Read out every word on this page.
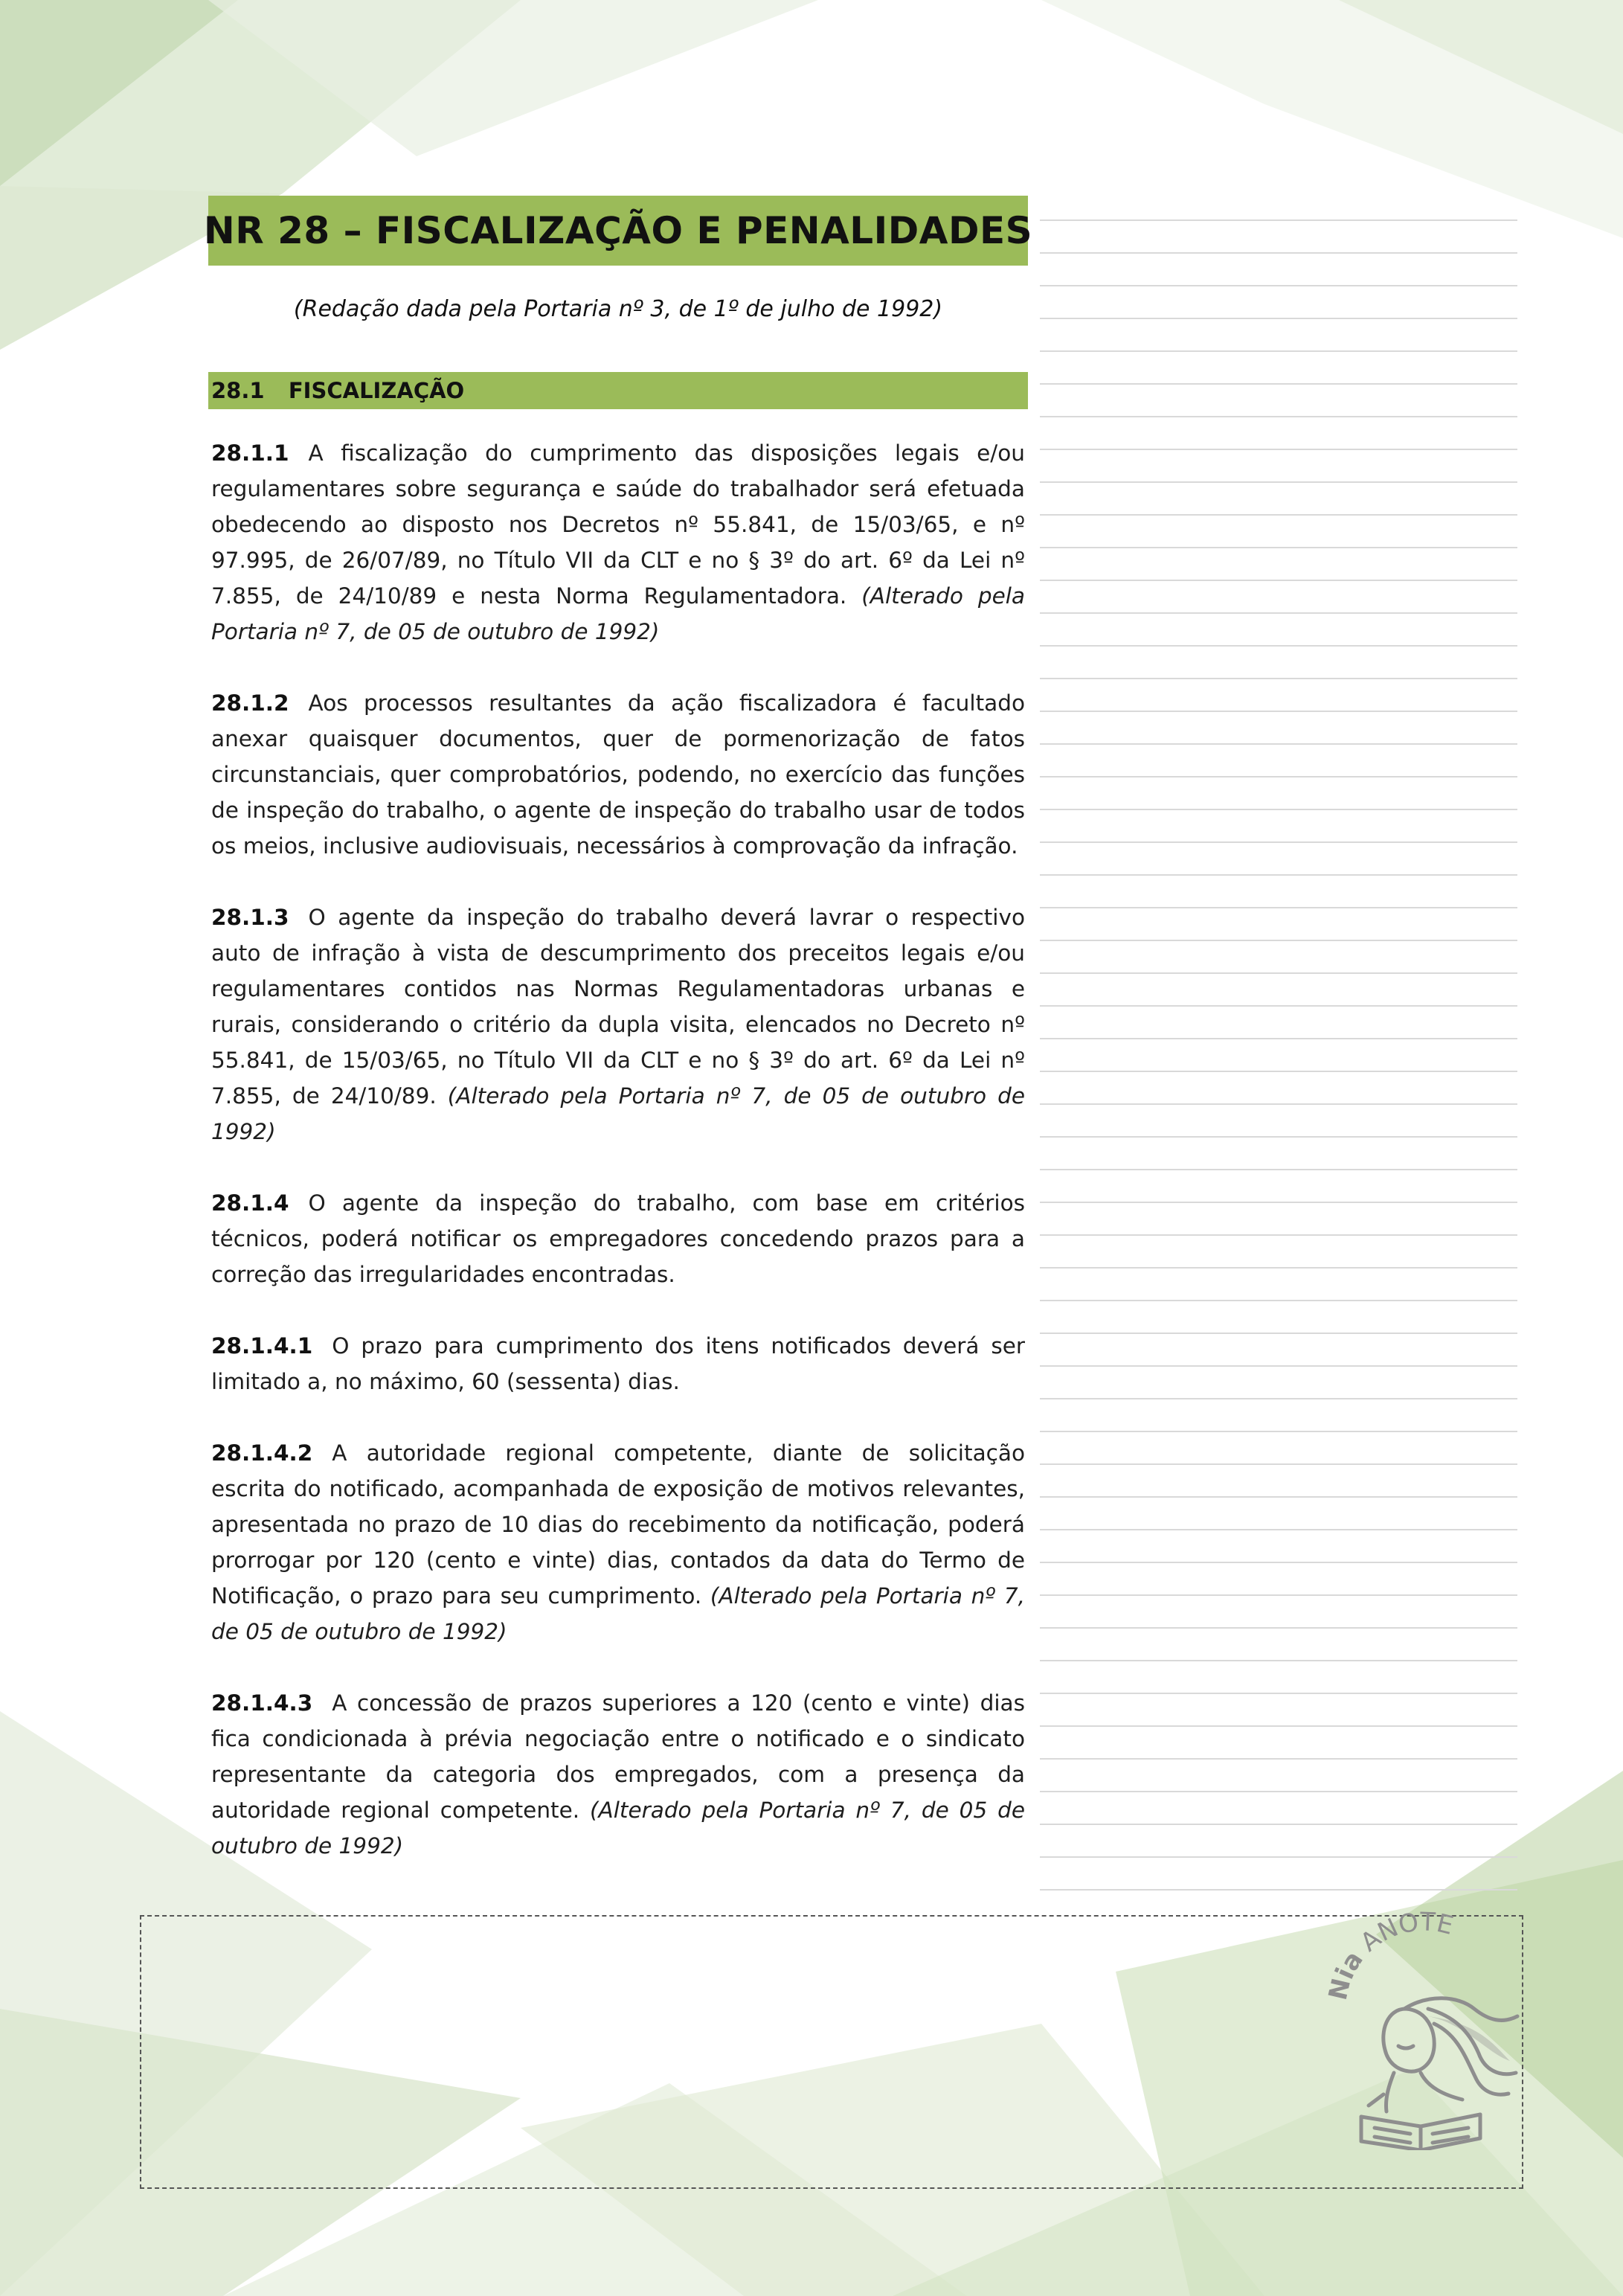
NR 28 – FISCALIZAÇÃO E PENALIDADES
(Redação dada pela Portaria nº 3, de 1º de julho de 1992)
28.1 FISCALIZAÇÃO

28.1.1 A fiscalização do cumprimento das disposições legais e/ou regulamentares sobre segurança e saúde do trabalhador será efetuada obedecendo ao disposto nos Decretos nº 55.841, de 15/03/65, e nº 97.995, de 26/07/89, no Título VII da CLT e no § 3º do art. 6º da Lei nº 7.855, de 24/10/89 e nesta Norma Regulamentadora. (Alterado pela Portaria nº 7, de 05 de outubro de 1992)

28.1.2 Aos processos resultantes da ação fiscalizadora é facultado anexar quaisquer documentos, quer de pormenorização de fatos circunstanciais, quer comprobatórios, podendo, no exercício das funções de inspeção do trabalho, o agente de inspeção do trabalho usar de todos os meios, inclusive audiovisuais, necessários à comprovação da infração.

28.1.3 O agente da inspeção do trabalho deverá lavrar o respectivo auto de infração à vista de descumprimento dos preceitos legais e/ou regulamentares contidos nas Normas Regulamentadoras urbanas e rurais, considerando o critério da dupla visita, elencados no Decreto nº 55.841, de 15/03/65, no Título VII da CLT e no § 3º do art. 6º da Lei nº 7.855, de 24/10/89. (Alterado pela Portaria nº 7, de 05 de outubro de 1992)

28.1.4 O agente da inspeção do trabalho, com base em critérios técnicos, poderá notificar os empregadores concedendo prazos para a correção das irregularidades encontradas.

28.1.4.1 O prazo para cumprimento dos itens notificados deverá ser limitado a, no máximo, 60 (sessenta) dias.

28.1.4.2 A autoridade regional competente, diante de solicitação escrita do notificado, acompanhada de exposição de motivos relevantes, apresentada no prazo de 10 dias do recebimento da notificação, poderá prorrogar por 120 (cento e vinte) dias, contados da data do Termo de Notificação, o prazo para seu cumprimento. (Alterado pela Portaria nº 7, de 05 de outubro de 1992)

28.1.4.3 A concessão de prazos superiores a 120 (cento e vinte) dias fica condicionada à prévia negociação entre o notificado e o sindicato representante da categoria dos empregados, com a presença da autoridade regional competente. (Alterado pela Portaria nº 7, de 05 de outubro de 1992)

Nia ANOTE
